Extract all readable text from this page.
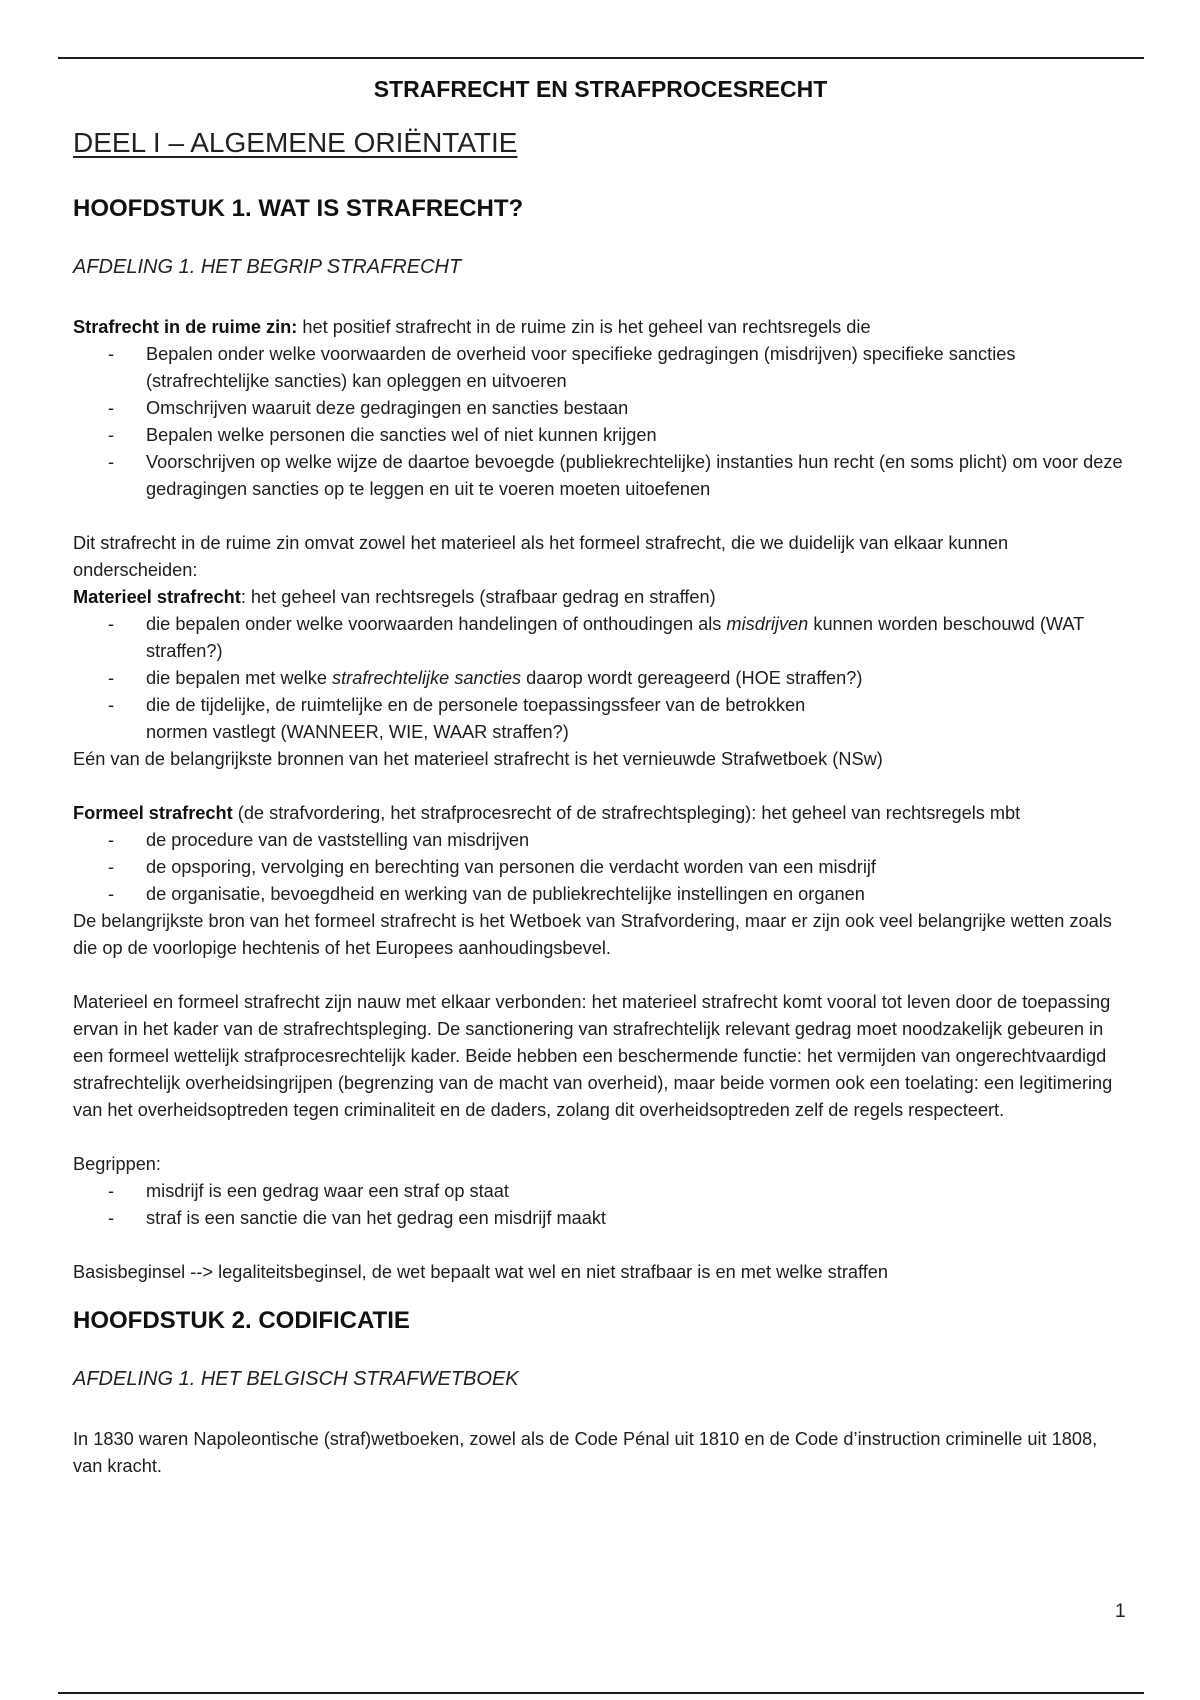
STRAFRECHT EN STRAFPROCESRECHT
DEEL I – ALGEMENE ORIËNTATIE
HOOFDSTUK 1. WAT IS STRAFRECHT?
AFDELING 1. HET BEGRIP STRAFRECHT

Strafrecht in de ruime zin: het positief strafrecht in de ruime zin is het geheel van rechtsregels die

- Bepalen onder welke voorwaarden de overheid voor specifieke gedragingen (misdrijven) specifieke sancties (strafrechtelijke sancties) kan opleggen en uitvoeren
- Omschrijven waaruit deze gedragingen en sancties bestaan
- Bepalen welke personen die sancties wel of niet kunnen krijgen
- Voorschrijven op welke wijze de daartoe bevoegde (publiekrechtelijke) instanties hun recht (en soms plicht) om voor deze gedragingen sancties op te leggen en uit te voeren moeten uitoefenen

Dit strafrecht in de ruime zin omvat zowel het materieel als het formeel strafrecht, die we duidelijk van elkaar kunnen onderscheiden:

Materieel strafrecht: het geheel van rechtsregels (strafbaar gedrag en straffen)

- die bepalen onder welke voorwaarden handelingen of onthoudingen als misdrijven kunnen worden beschouwd (WAT straffen?)
- die bepalen met welke strafrechtelijke sancties daarop wordt gereageerd (HOE straffen?)
- die de tijdelijke, de ruimtelijke en de personele toepassingssfeer van de betrokken
normen vastlegt (WANNEER, WIE, WAAR straffen?)

Eén van de belangrijkste bronnen van het materieel strafrecht is het vernieuwde Strafwetboek (NSw)

Formeel strafrecht (de strafvordering, het strafprocesrecht of de strafrechtspleging): het geheel van rechtsregels mbt

- de procedure van de vaststelling van misdrijven
- de opsporing, vervolging en berechting van personen die verdacht worden van een misdrijf
- de organisatie, bevoegdheid en werking van de publiekrechtelijke instellingen en organen

De belangrijkste bron van het formeel strafrecht is het Wetboek van Strafvordering, maar er zijn ook veel belangrijke wetten zoals die op de voorlopige hechtenis of het Europees aanhoudingsbevel.

Materieel en formeel strafrecht zijn nauw met elkaar verbonden: het materieel strafrecht komt vooral tot leven door de toepassing ervan in het kader van de strafrechtspleging. De sanctionering van strafrechtelijk relevant gedrag moet noodzakelijk gebeuren in een formeel wettelijk strafprocesrechtelijk kader. Beide hebben een beschermende functie: het vermijden van ongerechtvaardigd strafrechtelijk overheidsingrijpen (begrenzing van de macht van overheid), maar beide vormen ook een toelating: een legitimering van het overheidsoptreden tegen criminaliteit en de daders, zolang dit overheidsoptreden zelf de regels respecteert.

Begrippen:

- misdrijf is een gedrag waar een straf op staat
- straf is een sanctie die van het gedrag een misdrijf maakt

Basisbeginsel --> legaliteitsbeginsel, de wet bepaalt wat wel en niet strafbaar is en met welke straffen

HOOFDSTUK 2. CODIFICATIE
AFDELING 1. HET BELGISCH STRAFWETBOEK

In 1830 waren Napoleontische (straf)wetboeken, zowel als de Code Pénal uit 1810 en de Code d’instruction criminelle uit 1808, van kracht.

1
